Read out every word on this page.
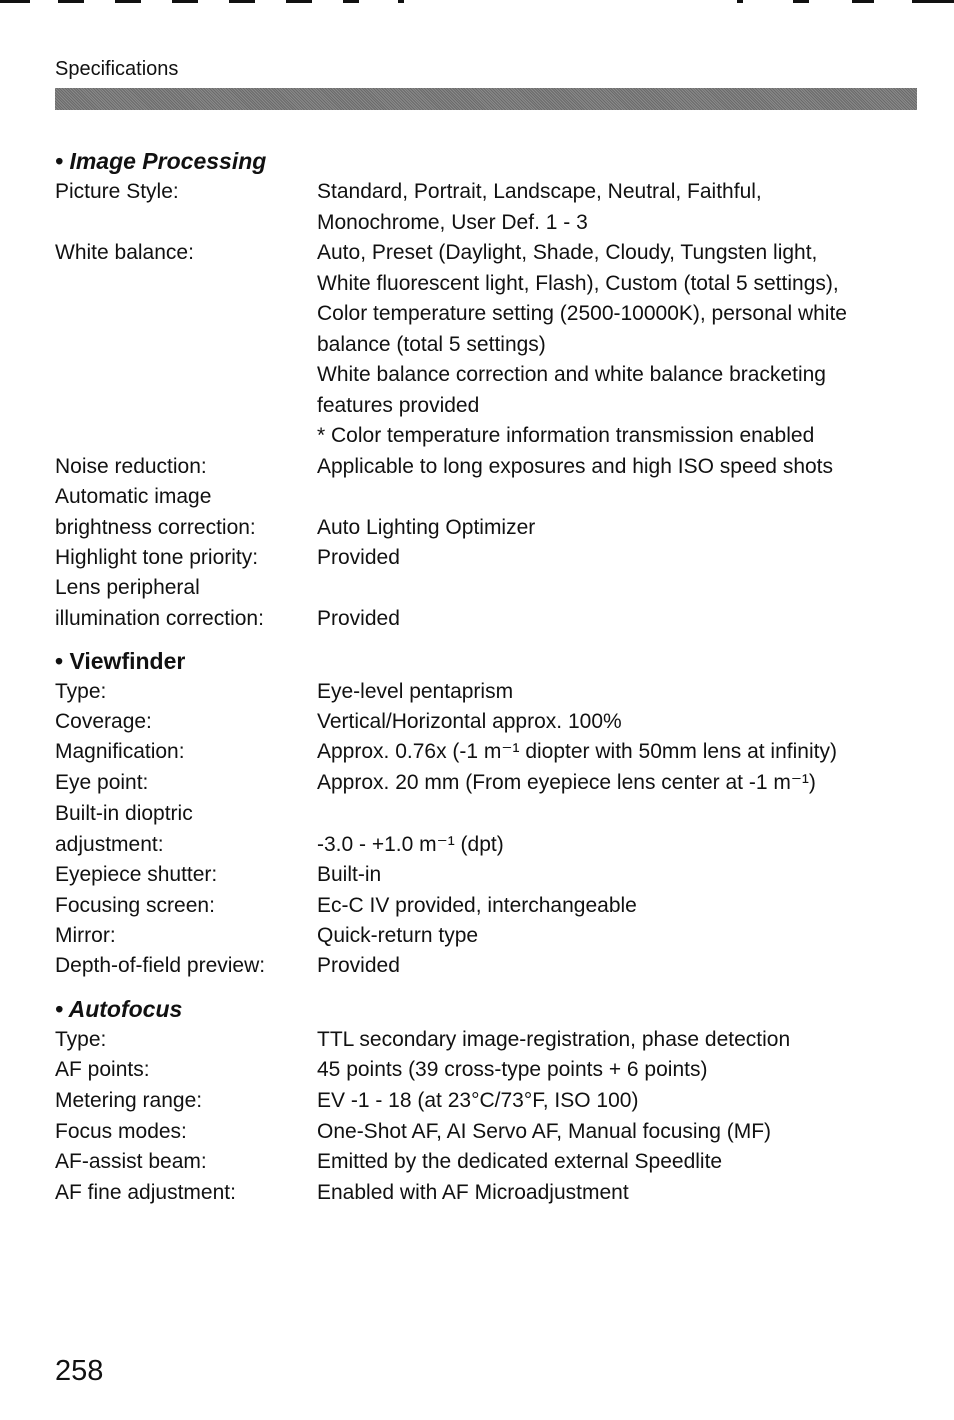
Specifications
• Image Processing
Picture Style:	Standard, Portrait, Landscape, Neutral, Faithful,
Monochrome, User Def. 1 - 3
White balance:	Auto, Preset (Daylight, Shade, Cloudy, Tungsten light,
White fluorescent light, Flash), Custom (total 5 settings),
Color temperature setting (2500-10000K), personal white
balance (total 5 settings)
White balance correction and white balance bracketing
features provided
* Color temperature information transmission enabled
Noise reduction:	Applicable to long exposures and high ISO speed shots
Automatic image
brightness correction:	
Auto Lighting Optimizer
Highlight tone priority:	Provided
Lens peripheral
illumination correction:	
Provided
• Viewfinder
Type:	Eye-level pentaprism
Coverage:	Vertical/Horizontal approx. 100%
Magnification:	Approx. 0.76x (-1 m⁻¹ diopter with 50mm lens at infinity)
Eye point:	Approx. 20 mm (From eyepiece lens center at -1 m⁻¹)
Built-in dioptric
adjustment:	
-3.0 - +1.0 m⁻¹ (dpt)
Eyepiece shutter:	Built-in
Focusing screen:	Ec-C IV provided, interchangeable
Mirror:	Quick-return type
Depth-of-field preview: Provided
• Autofocus
Type:	TTL secondary image-registration, phase detection
AF points:	45 points (39 cross-type points + 6 points)
Metering range:	EV -1 - 18 (at 23°C/73°F, ISO 100)
Focus modes:	One-Shot AF, AI Servo AF, Manual focusing (MF)
AF-assist beam:	Emitted by the dedicated external Speedlite
AF fine adjustment:	Enabled with AF Microadjustment
258
